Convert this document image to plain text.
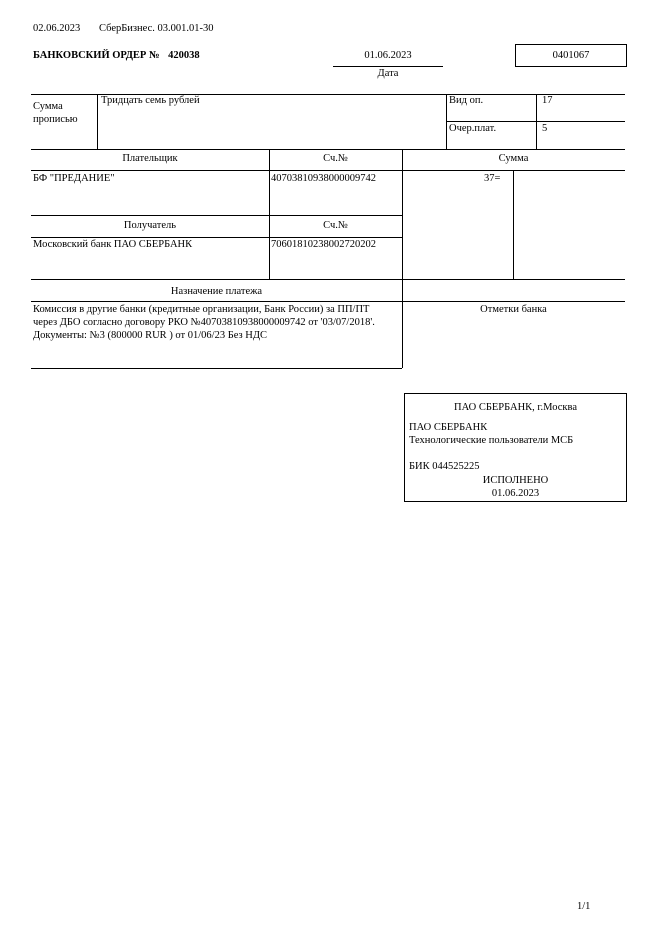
02.06.2023 СберБизнес. 03.001.01-30
БАНКОВСКИЙ ОРДЕР № 420038	01.06.2023
Дата
0401067
Сумма
прописью
Тридцать семь рублей	Вид оп.	17
Очер.плат.	5
Плательщик	Сч.№	Сумма
БФ "ПРЕДАНИЕ"	40703810938000009742	37=
Получатель	Сч.№
Московский банк ПАО СБЕРБАНК	70601810238002720202
Назначение платежа
Комиссия в другие банки (кредитные организации, Банк России) за ПП/ПТ
через ДБО согласно договору РКО №40703810938000009742 от '03/07/2018'.
Документы: №3 (800000 RUR ) от 01/06/23 Без НДС
Отметки банка
ПАО СБЕРБАНК, г.Москва
ПАО СБЕРБАНК
Технологические пользователи МСБ
БИК 044525225
ИСПОЛНЕНО
01.06.2023
1/1
